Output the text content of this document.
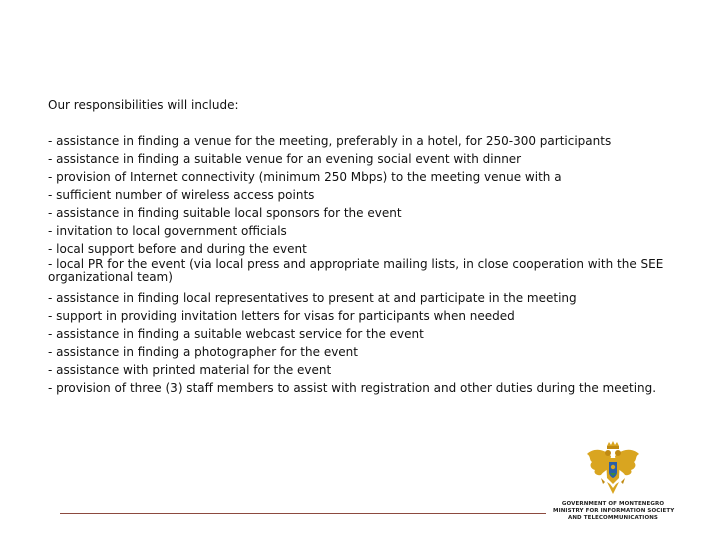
Our responsibilities will include:

- assistance in finding a venue for the meeting, preferably in a hotel, for 250-300 participants
- assistance in finding a suitable venue for an evening social event with dinner
- provision of Internet connectivity (minimum 250 Mbps) to the meeting venue with a
- sufficient number of wireless access points
- assistance in finding suitable local sponsors for the event
- invitation to local government officials
- local support before and during the event
- local PR for the event (via local press and appropriate mailing lists, in close cooperation with the SEE organizational team)
- assistance in finding local representatives to present at and participate in the meeting
- support in providing invitation letters for visas for participants when needed
- assistance in finding a suitable webcast service for the event
- assistance in finding a photographer for the event
- assistance with printed material for the event
- provision of three (3) staff members to assist with registration and other duties during the meeting.
GOVERNMENT OF MONTENEGRO
MINISTRY FOR INFORMATION SOCIETY
AND TELECOMMUNICATIONS
